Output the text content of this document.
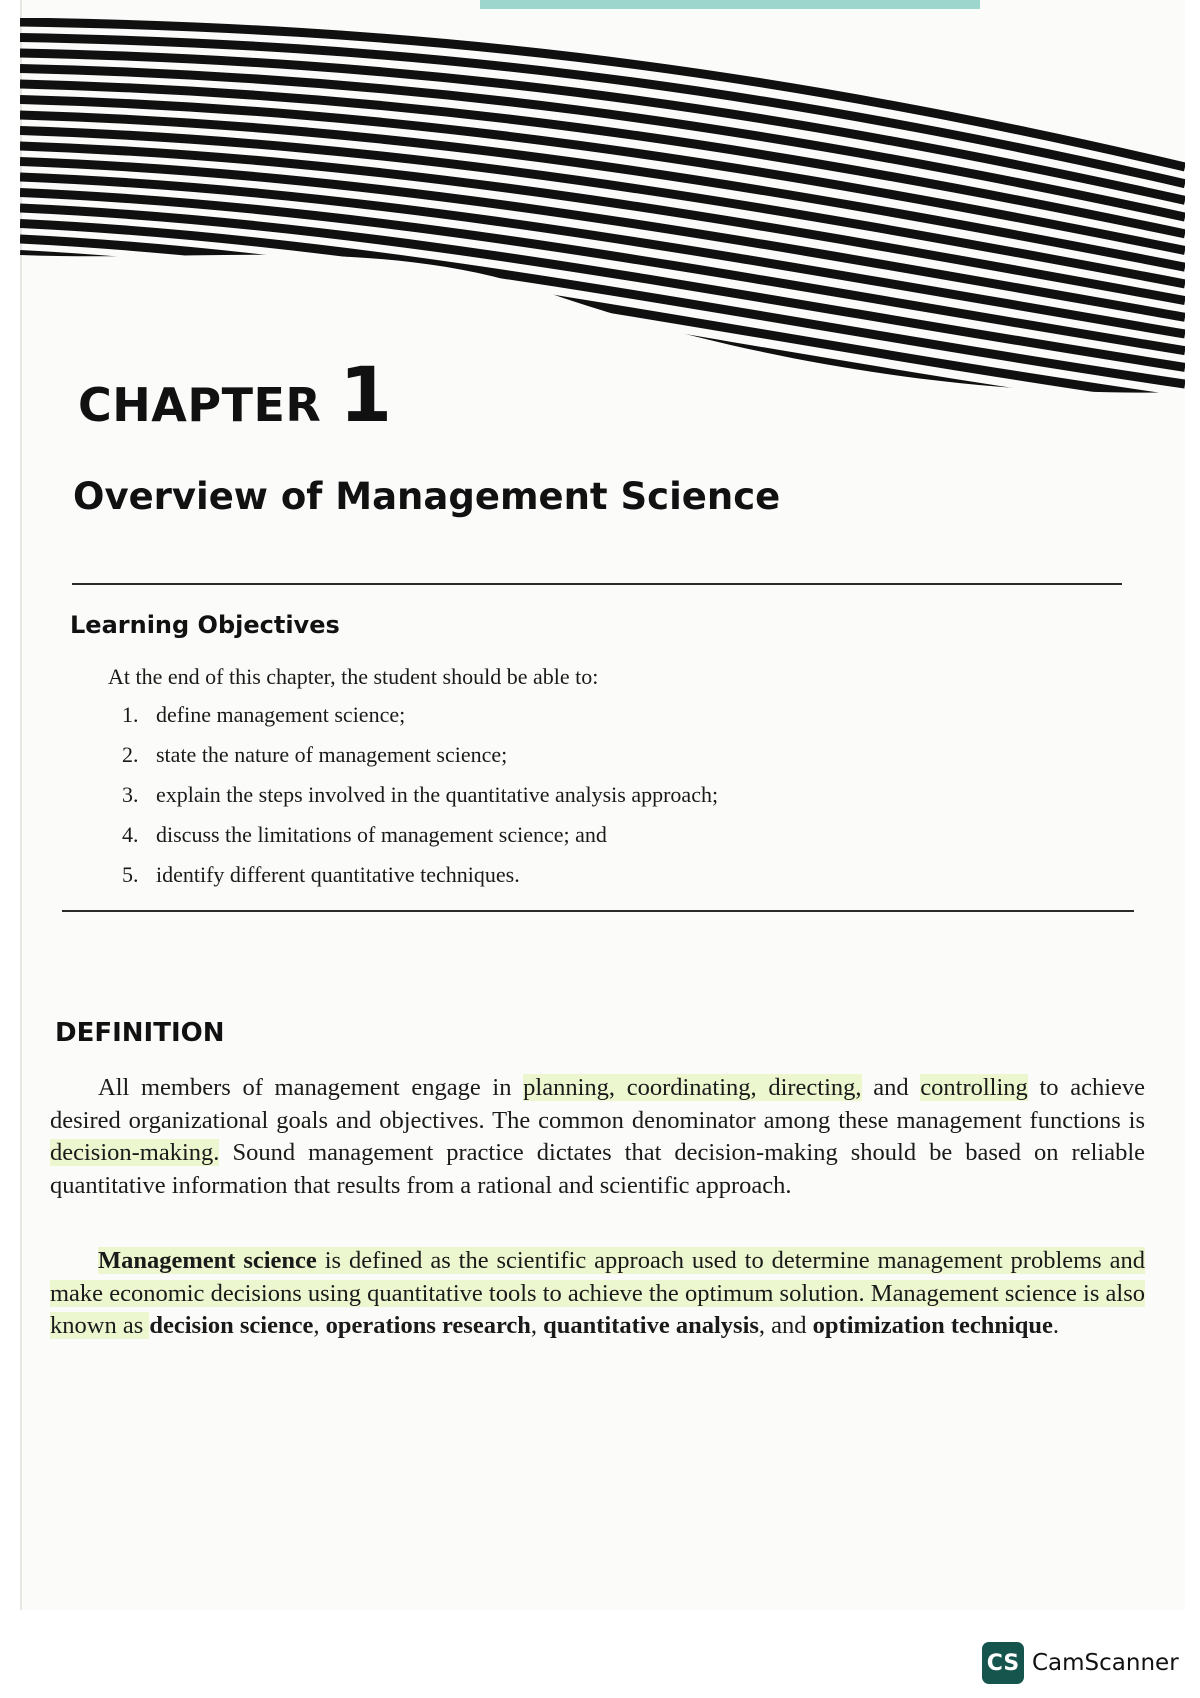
CHAPTER 1
Overview of Management Science
Learning Objectives
At the end of this chapter, the student should be able to:
1. define management science;
2. state the nature of management science;
3. explain the steps involved in the quantitative analysis approach;
4. discuss the limitations of management science; and
5. identify different quantitative techniques.
DEFINITION

All members of management engage in planning, coordinating, directing, and controlling to achieve desired organizational goals and objectives. The common denominator among these management functions is decision-making. Sound management practice dictates that decision-making should be based on reliable quantitative information that results from a rational and scientific approach.

Management science is defined as the scientific approach used to determine management problems and make economic decisions using quantitative tools to achieve the optimum solution. Management science is also known as decision science, operations research, quantitative analysis, and optimization technique.

CS CamScanner
